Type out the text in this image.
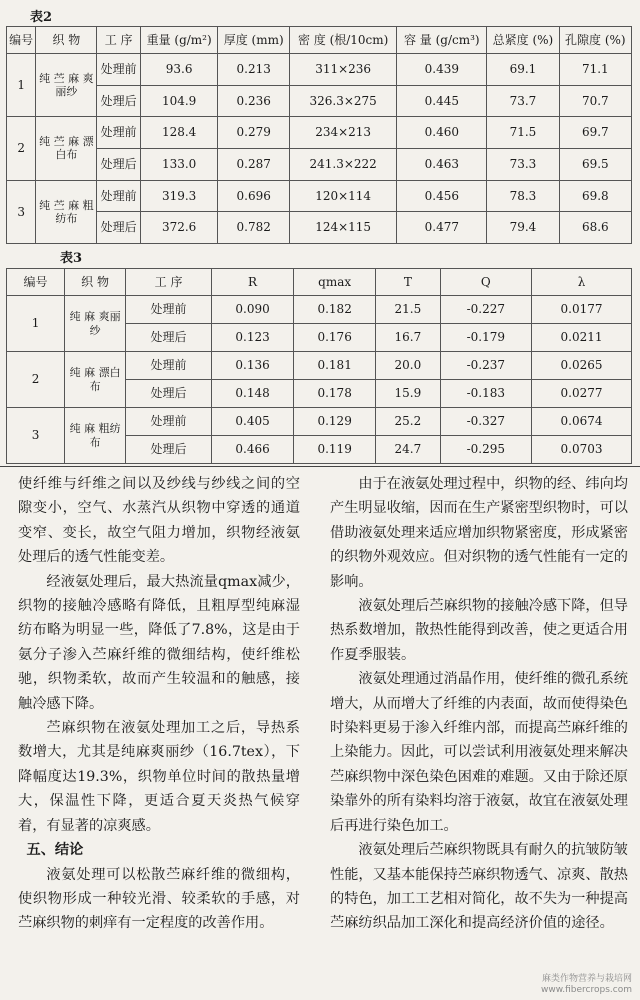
表2
编号	织 物	工 序	重量 (g/m²)	厚度 (mm)	密 度 (根/10cm)	容 量 (g/cm³)	总紧度 (%)	孔隙度 (%)
1	纯 苎 麻 爽丽纱	处理前	93.6	0.213	311×236	0.439	69.1	71.1
		处理后	104.9	0.236	326.3×275	0.445	73.7	70.7
2	纯 苎 麻 漂白布	处理前	128.4	0.279	234×213	0.460	71.5	69.7
		处理后	133.0	0.287	241.3×222	0.463	73.3	69.5
3	纯 苎 麻 粗纺布	处理前	319.3	0.696	120×114	0.456	78.3	69.8
		处理后	372.6	0.782	124×115	0.477	79.4	68.6
表3
编号	织 物	工 序	R	qmax	T	Q	λ
1	纯 麻 爽丽纱	处理前	0.090	0.182	21.5	-0.227	0.0177
		处理后	0.123	0.176	16.7	-0.179	0.0211
2	纯 麻 漂白布	处理前	0.136	0.181	20.0	-0.237	0.0265
		处理后	0.148	0.178	15.9	-0.183	0.0277
3	纯 麻 粗纺布	处理前	0.405	0.129	25.2	-0.327	0.0674
		处理后	0.466	0.119	24.7	-0.295	0.0703

使纤维与纤维之间以及纱线与纱线之间的空隙变小，空气、水蒸汽从织物中穿透的通道变窄、变长，故空气阻力增加，织物经液氨处理后的透气性能变差。

经液氨处理后，最大热流量qmax减少，织物的接触冷感略有降低，且粗厚型纯麻湿纺布略为明显一些，降低了7.8%，这是由于氨分子渗入苎麻纤维的微细结构，使纤维松驰，织物柔软，故而产生较温和的触感，接触冷感下降。

苎麻织物在液氨处理加工之后，导热系数增大，尤其是纯麻爽丽纱（16.7tex），下降幅度达19.3%，织物单位时间的散热量增大，保温性下降，更适合夏天炎热气候穿着，有显著的凉爽感。

五、结论

液氨处理可以松散苎麻纤维的微细构，使织物形成一种较光滑、较柔软的手感，对苎麻织物的刺痒有一定程度的改善作用。

由于在液氨处理过程中，织物的经、纬向均产生明显收缩，因而在生产紧密型织物时，可以借助液氨处理来适应增加织物紧密度，形成紧密的织物外观效应。但对织物的透气性能有一定的影响。

液氨处理后苎麻织物的接触冷感下降，但导热系数增加，散热性能得到改善，使之更适合用作夏季服装。

液氨处理通过消晶作用，使纤维的微孔系统增大，从而增大了纤维的内表面，故而使得染色时染料更易于渗入纤维内部，而提高苎麻纤维的上染能力。因此，可以尝试利用液氨处理来解决苎麻织物中深色染色困难的难题。又由于除还原染靠外的所有染料均溶于液氨，故宜在液氨处理后再进行染色加工。

液氨处理后苎麻织物既具有耐久的抗皱防皱性能，又基本能保持苎麻织物透气、凉爽、散热的特色，加工工艺相对简化，故不失为一种提高苎麻纺织品加工深化和提高经济价值的途径。

麻类作物营养与栽培网
www.fibercrops.com
